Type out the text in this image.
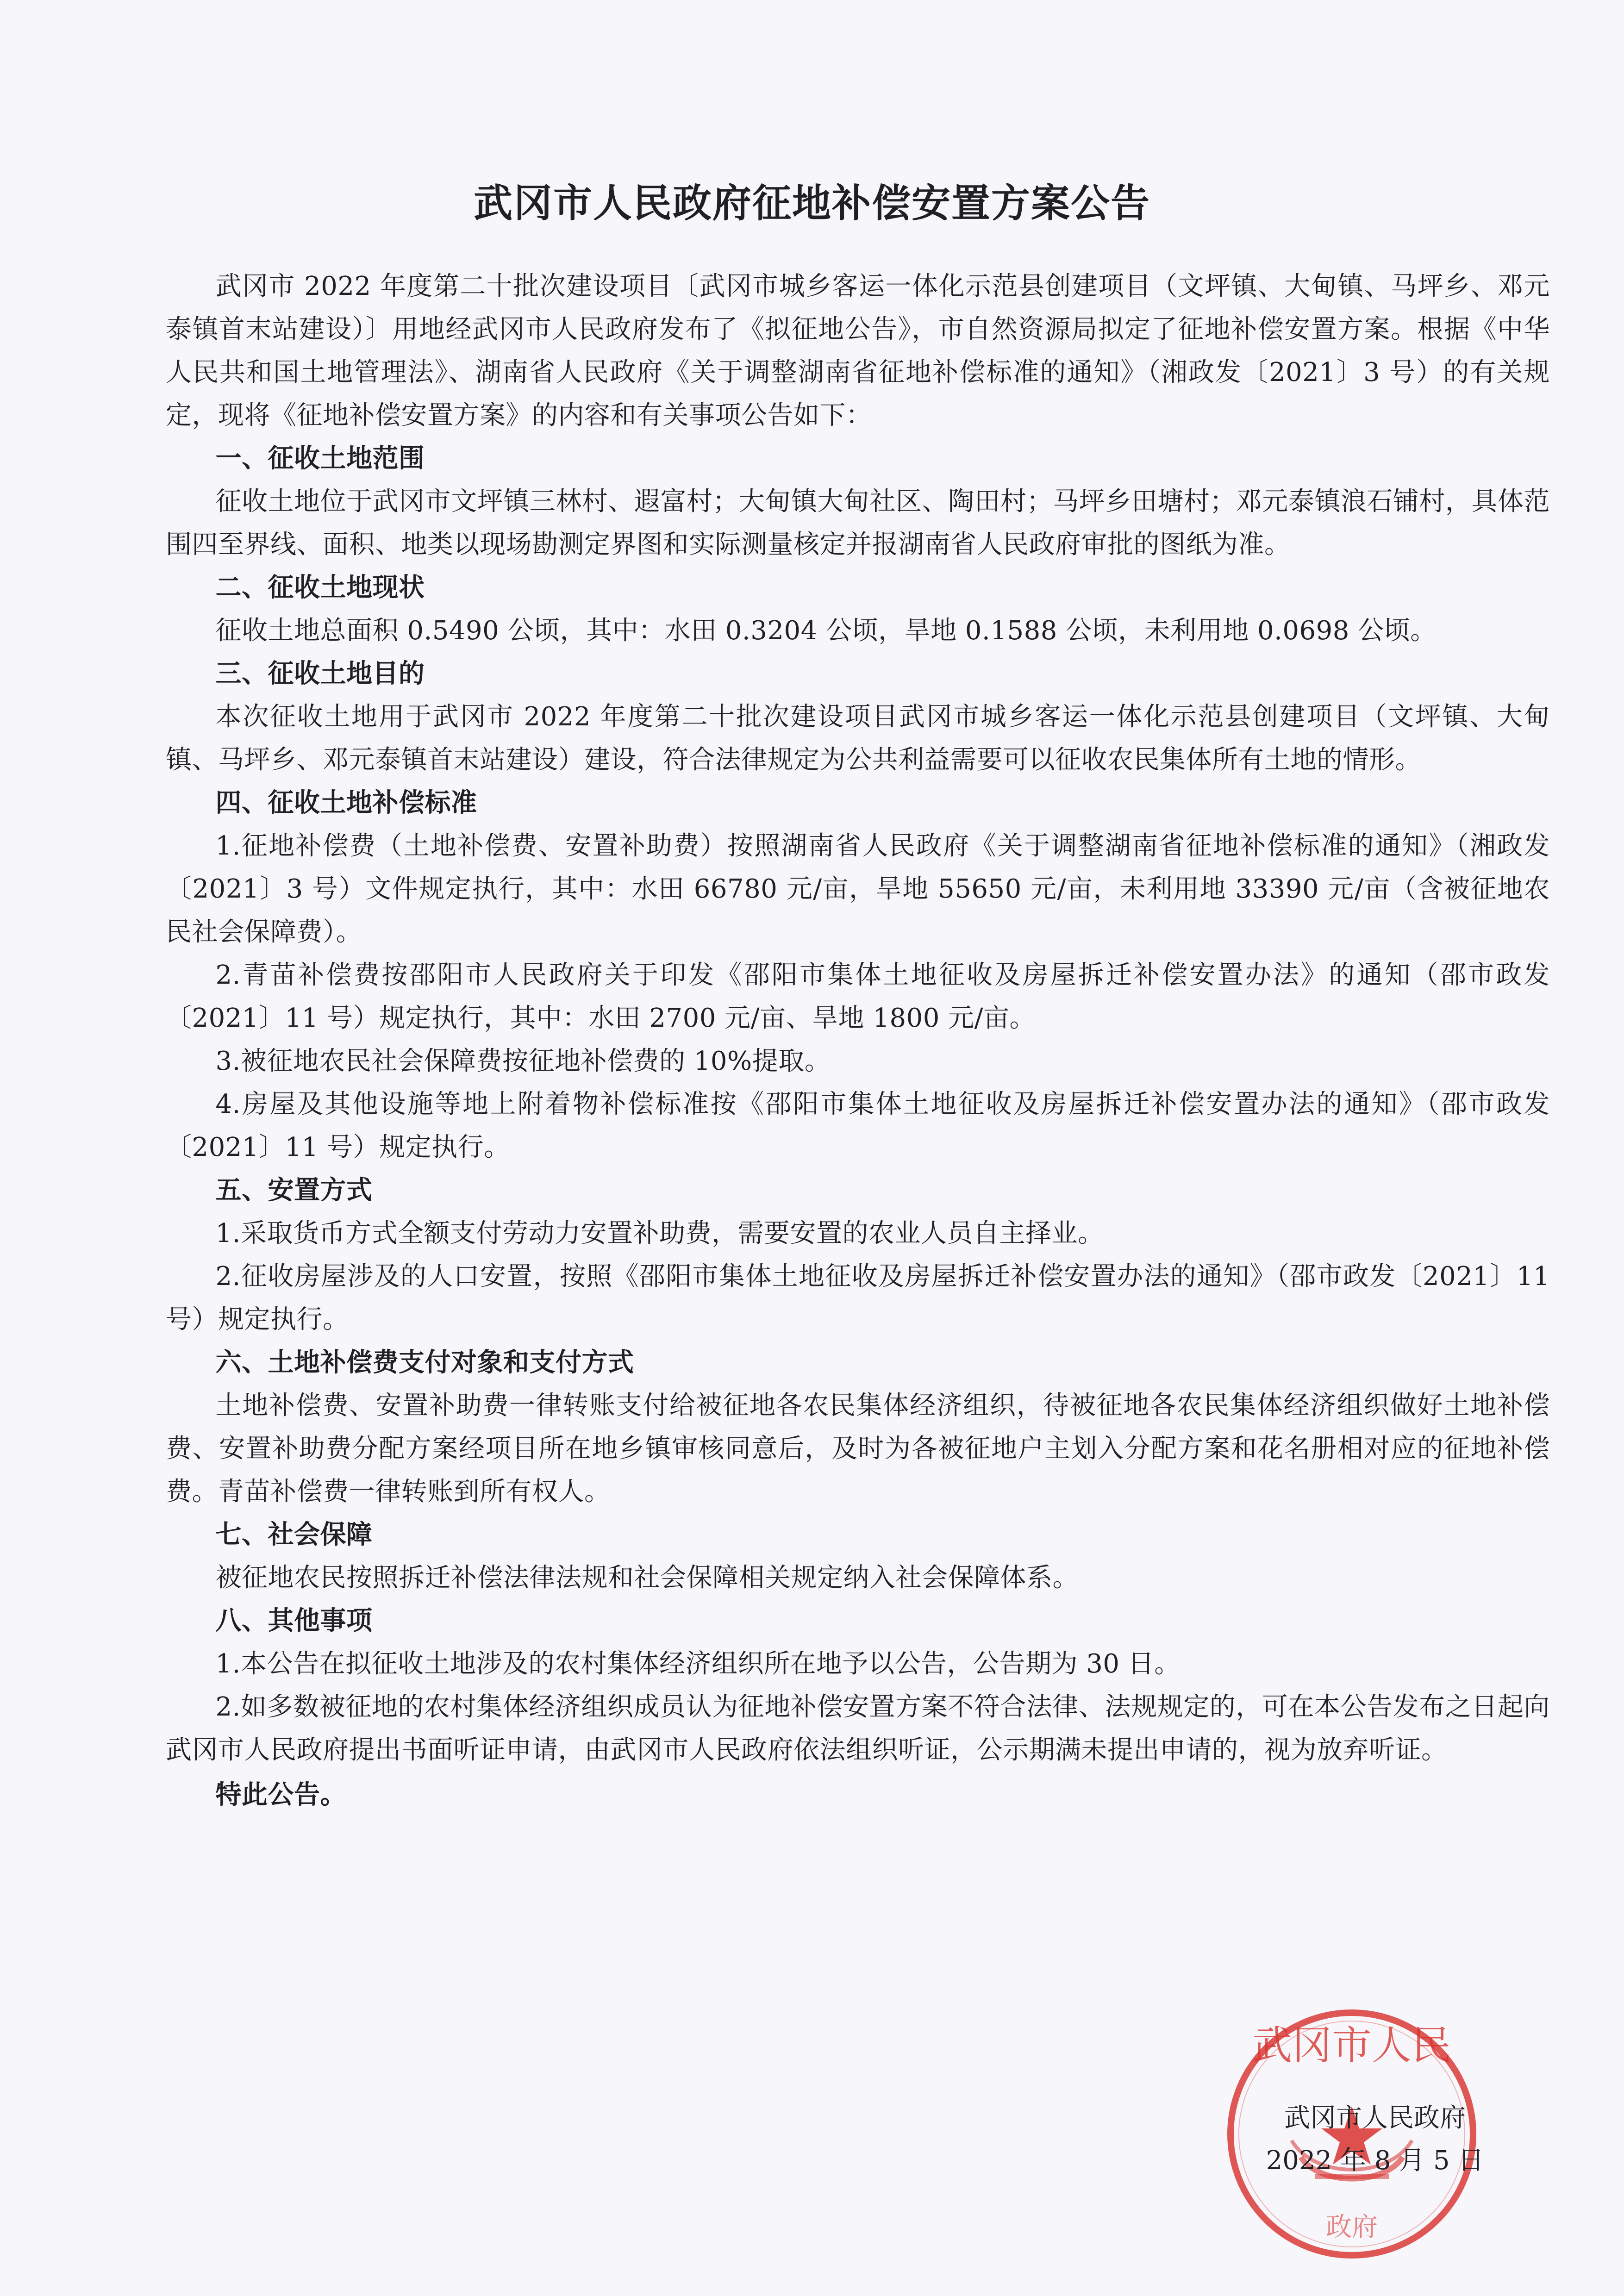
武冈市人民政府征地补偿安置方案公告

武冈市 2022 年度第二十批次建设项目〔武冈市城乡客运一体化示范县创建项目（文坪镇、大甸镇、马坪乡、邓元泰镇首末站建设）〕用地经武冈市人民政府发布了《拟征地公告》，市自然资源局拟定了征地补偿安置方案。根据《中华人民共和国土地管理法》、湖南省人民政府《关于调整湖南省征地补偿标准的通知》（湘政发〔2021〕3 号）的有关规定，现将《征地补偿安置方案》的内容和有关事项公告如下：

一、征收土地范围

征收土地位于武冈市文坪镇三林村、遐富村；大甸镇大甸社区、陶田村；马坪乡田塘村；邓元泰镇浪石铺村，具体范围四至界线、面积、地类以现场勘测定界图和实际测量核定并报湖南省人民政府审批的图纸为准。

二、征收土地现状

征收土地总面积 0.5490 公顷，其中：水田 0.3204 公顷，旱地 0.1588 公顷，未利用地 0.0698 公顷。

三、征收土地目的

本次征收土地用于武冈市 2022 年度第二十批次建设项目武冈市城乡客运一体化示范县创建项目（文坪镇、大甸镇、马坪乡、邓元泰镇首末站建设）建设，符合法律规定为公共利益需要可以征收农民集体所有土地的情形。

四、征收土地补偿标准

1.征地补偿费（土地补偿费、安置补助费）按照湖南省人民政府《关于调整湖南省征地补偿标准的通知》（湘政发〔2021〕3 号）文件规定执行，其中：水田 66780 元/亩，旱地 55650 元/亩，未利用地 33390 元/亩（含被征地农民社会保障费）。

2.青苗补偿费按邵阳市人民政府关于印发《邵阳市集体土地征收及房屋拆迁补偿安置办法》的通知（邵市政发〔2021〕11 号）规定执行，其中：水田 2700 元/亩、旱地 1800 元/亩。

3.被征地农民社会保障费按征地补偿费的 10%提取。

4.房屋及其他设施等地上附着物补偿标准按《邵阳市集体土地征收及房屋拆迁补偿安置办法的通知》（邵市政发〔2021〕11 号）规定执行。

五、安置方式

1.采取货币方式全额支付劳动力安置补助费，需要安置的农业人员自主择业。

2.征收房屋涉及的人口安置，按照《邵阳市集体土地征收及房屋拆迁补偿安置办法的通知》（邵市政发〔2021〕11 号）规定执行。

六、土地补偿费支付对象和支付方式

土地补偿费、安置补助费一律转账支付给被征地各农民集体经济组织，待被征地各农民集体经济组织做好土地补偿费、安置补助费分配方案经项目所在地乡镇审核同意后，及时为各被征地户主划入分配方案和花名册相对应的征地补偿费。青苗补偿费一律转账到所有权人。

七、社会保障

被征地农民按照拆迁补偿法律法规和社会保障相关规定纳入社会保障体系。

八、其他事项

1.本公告在拟征收土地涉及的农村集体经济组织所在地予以公告，公告期为 30 日。

2.如多数被征地的农村集体经济组织成员认为征地补偿安置方案不符合法律、法规规定的，可在本公告发布之日起向武冈市人民政府提出书面听证申请，由武冈市人民政府依法组织听证，公示期满未提出申请的，视为放弃听证。

特此公告。

武冈市人民
政府
武冈市人民政府
2022 年 8 月 5 日
